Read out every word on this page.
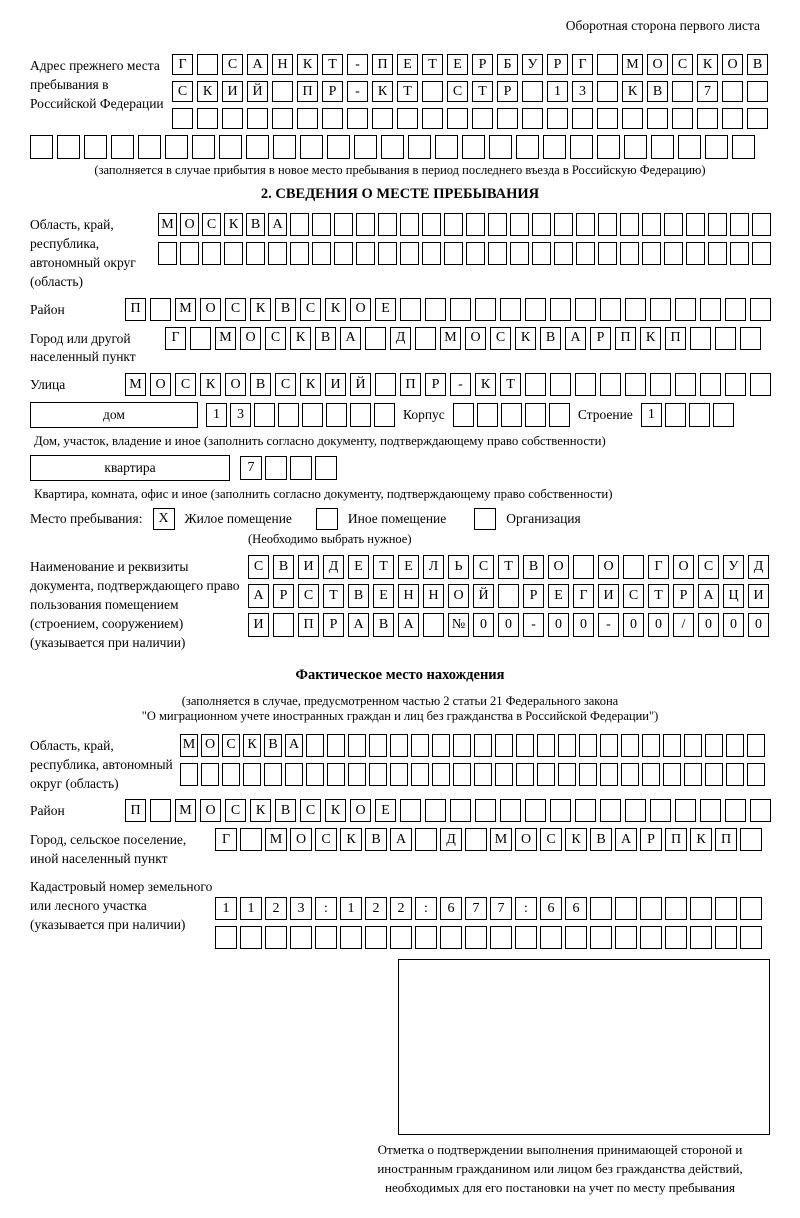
Оборотная сторона первого листа
Адрес прежнего места пребывания в Российской Федерации
Г	С	А	Н	К	Т	-	П	Е	Т	Е	Р	Б	У	Р	Г	М О	С	К	О	В
С	К	И	Й	П	Р	-	К	Т	С	Т	Р	1	3	К	В	7
(заполняется в случае прибытия в новое место пребывания в период последнего въезда в Российскую Федерацию)
2. СВЕДЕНИЯ О МЕСТЕ ПРЕБЫВАНИЯ
Область, край, республика, автономный округ (область)
М О С К В А
Район	П	М О	С	К	В	С	К	О	Е
Город или другой населенный пункт
Г	М О	С	К	В	А	Д	М О	С	К	В	А	Р	П	К	П
Улица	М О	С	К	О	В	С	К	И	Й	П	Р	-	К	Т
дом	1	3	Корпус	Строение	1
Дом, участок, владение и иное (заполнить согласно документу, подтверждающему право собственности)
квартира	7
Квартира, комната, офис и иное (заполнить согласно документу, подтверждающему право собственности)
Место пребывания:	X	Жилое помещение	Иное помещение	Организация
(Необходимо выбрать нужное)
Наименование и реквизиты документа, подтверждающего право пользования помещением (строением, сооружением) (указывается при наличии)
С	В	И	Д	Е	Т	Е	Л	Ь	С	Т	В	О	О	Г	О	С	У	Д
А	Р	С	Т	В	Е	Н	Н	О	Й	Р	Е	Г	И	С	Т	Р	А	Ц	И
И	П	Р	А	В	А	№	0	0	-	0	0	-	0	0	/	0	0	0
Фактическое место нахождения
(заполняется в случае, предусмотренном частью 2 статьи 21 Федерального закона
"О миграционном учете иностранных граждан и лиц без гражданства в Российской Федерации")
Область, край, республика, автономный округ (область)
М О С К В А
Район	П	М О	С	К	В	С	К	О	Е
Город, сельское поселение, иной населенный пункт
Г	М О	С	К	В	А	Д	М О	С	К	В	А	Р	П	К	П
Кадастровый номер земельного или лесного участка (указывается при наличии)
1	1	2	3	:	1	2	2	:	6	7	7	:	6	6
Отметка о подтверждении выполнения принимающей стороной и иностранным гражданином или лицом без гражданства действий, необходимых для его постановки на учет по месту пребывания
